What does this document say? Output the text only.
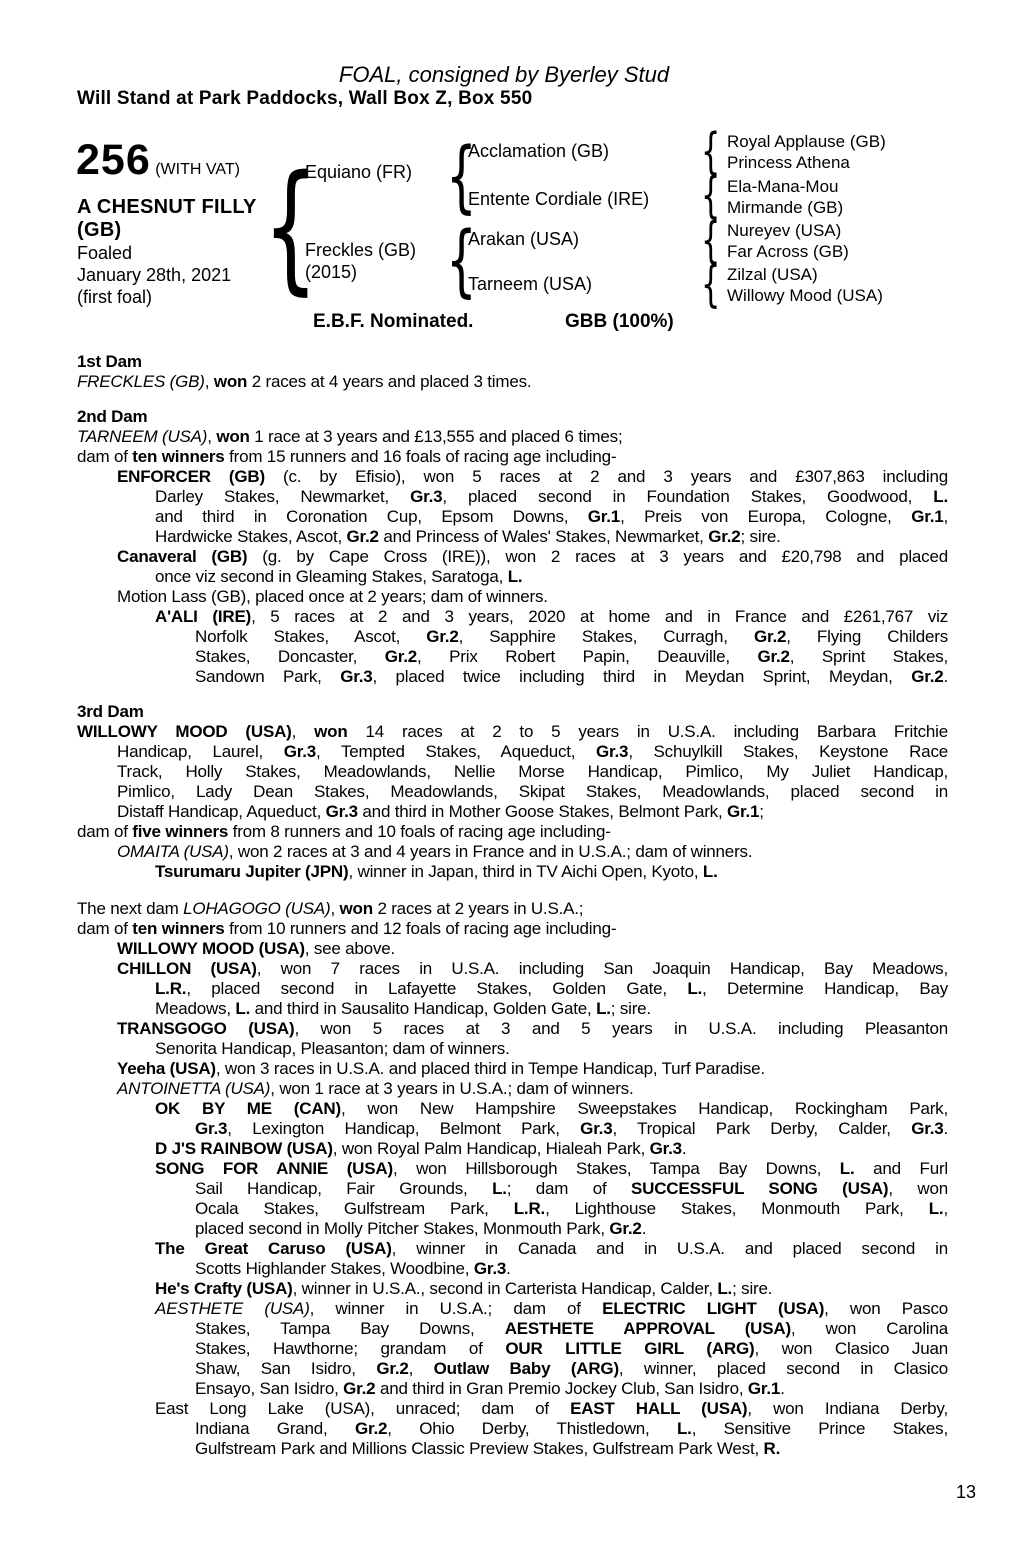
FOAL, consigned by Byerley Stud
Will Stand at Park Paddocks, Wall Box Z, Box 550
256 (WITH VAT)
A CHESNUT FILLY
(GB)
Foaled
January 28th, 2021
(first foal)
{
{
{
{
{
{
{
Equiano (FR)
Freckles (GB)
(2015)
Acclamation (GB)
Entente Cordiale (IRE)
Arakan (USA)
Tarneem (USA)
Royal Applause (GB)
Princess Athena
Ela-Mana-Mou
Mirmande (GB)
Nureyev (USA)
Far Across (GB)
Zilzal (USA)
Willowy Mood (USA)
E.B.F. Nominated.	GBB (100%)
1st Dam
FRECKLES (GB), won 2 races at 4 years and placed 3 times.
2nd Dam
TARNEEM (USA), won 1 race at 3 years and £13,555 and placed 6 times;
dam of ten winners from 15 runners and 16 foals of racing age including-
ENFORCER (GB) (c. by Efisio), won 5 races at 2 and 3 years and £307,863 including
Darley Stakes, Newmarket, Gr.3, placed second in Foundation Stakes, Goodwood, L.
and third in Coronation Cup, Epsom Downs, Gr.1, Preis von Europa, Cologne, Gr.1,
Hardwicke Stakes, Ascot, Gr.2 and Princess of Wales' Stakes, Newmarket, Gr.2; sire.
Canaveral (GB) (g. by Cape Cross (IRE)), won 2 races at 3 years and £20,798 and placed
once viz second in Gleaming Stakes, Saratoga, L.
Motion Lass (GB), placed once at 2 years; dam of winners.
A'ALI (IRE), 5 races at 2 and 3 years, 2020 at home and in France and £261,767 viz
Norfolk Stakes, Ascot, Gr.2, Sapphire Stakes, Curragh, Gr.2, Flying Childers
Stakes, Doncaster, Gr.2, Prix Robert Papin, Deauville, Gr.2, Sprint Stakes,
Sandown Park, Gr.3, placed twice including third in Meydan Sprint, Meydan, Gr.2.
3rd Dam
WILLOWY MOOD (USA), won 14 races at 2 to 5 years in U.S.A. including Barbara Fritchie
Handicap, Laurel, Gr.3, Tempted Stakes, Aqueduct, Gr.3, Schuylkill Stakes, Keystone Race
Track, Holly Stakes, Meadowlands, Nellie Morse Handicap, Pimlico, My Juliet Handicap,
Pimlico, Lady Dean Stakes, Meadowlands, Skipat Stakes, Meadowlands, placed second in
Distaff Handicap, Aqueduct, Gr.3 and third in Mother Goose Stakes, Belmont Park, Gr.1;
dam of five winners from 8 runners and 10 foals of racing age including-
OMAITA (USA), won 2 races at 3 and 4 years in France and in U.S.A.; dam of winners.
Tsurumaru Jupiter (JPN), winner in Japan, third in TV Aichi Open, Kyoto, L.
The next dam LOHAGOGO (USA), won 2 races at 2 years in U.S.A.;
dam of ten winners from 10 runners and 12 foals of racing age including-
WILLOWY MOOD (USA), see above.
CHILLON (USA), won 7 races in U.S.A. including San Joaquin Handicap, Bay Meadows,
L.R., placed second in Lafayette Stakes, Golden Gate, L., Determine Handicap, Bay
Meadows, L. and third in Sausalito Handicap, Golden Gate, L.; sire.
TRANSGOGO (USA), won 5 races at 3 and 5 years in U.S.A. including Pleasanton
Senorita Handicap, Pleasanton; dam of winners.
Yeeha (USA), won 3 races in U.S.A. and placed third in Tempe Handicap, Turf Paradise.
ANTOINETTA (USA), won 1 race at 3 years in U.S.A.; dam of winners.
OK BY ME (CAN), won New Hampshire Sweepstakes Handicap, Rockingham Park,
Gr.3, Lexington Handicap, Belmont Park, Gr.3, Tropical Park Derby, Calder, Gr.3.
D J'S RAINBOW (USA), won Royal Palm Handicap, Hialeah Park, Gr.3.
SONG FOR ANNIE (USA), won Hillsborough Stakes, Tampa Bay Downs, L. and Furl
Sail Handicap, Fair Grounds, L.; dam of SUCCESSFUL SONG (USA), won
Ocala Stakes, Gulfstream Park, L.R., Lighthouse Stakes, Monmouth Park, L.,
placed second in Molly Pitcher Stakes, Monmouth Park, Gr.2.
The Great Caruso (USA), winner in Canada and in U.S.A. and placed second in
Scotts Highlander Stakes, Woodbine, Gr.3.
He's Crafty (USA), winner in U.S.A., second in Carterista Handicap, Calder, L.; sire.
AESTHETE (USA), winner in U.S.A.; dam of ELECTRIC LIGHT (USA), won Pasco
Stakes, Tampa Bay Downs, AESTHETE APPROVAL (USA), won Carolina
Stakes, Hawthorne; grandam of OUR LITTLE GIRL (ARG), won Clasico Juan
Shaw, San Isidro, Gr.2, Outlaw Baby (ARG), winner, placed second in Clasico
Ensayo, San Isidro, Gr.2 and third in Gran Premio Jockey Club, San Isidro, Gr.1.
East Long Lake (USA), unraced; dam of EAST HALL (USA), won Indiana Derby,
Indiana Grand, Gr.2, Ohio Derby, Thistledown, L., Sensitive Prince Stakes,
Gulfstream Park and Millions Classic Preview Stakes, Gulfstream Park West, R.
13
